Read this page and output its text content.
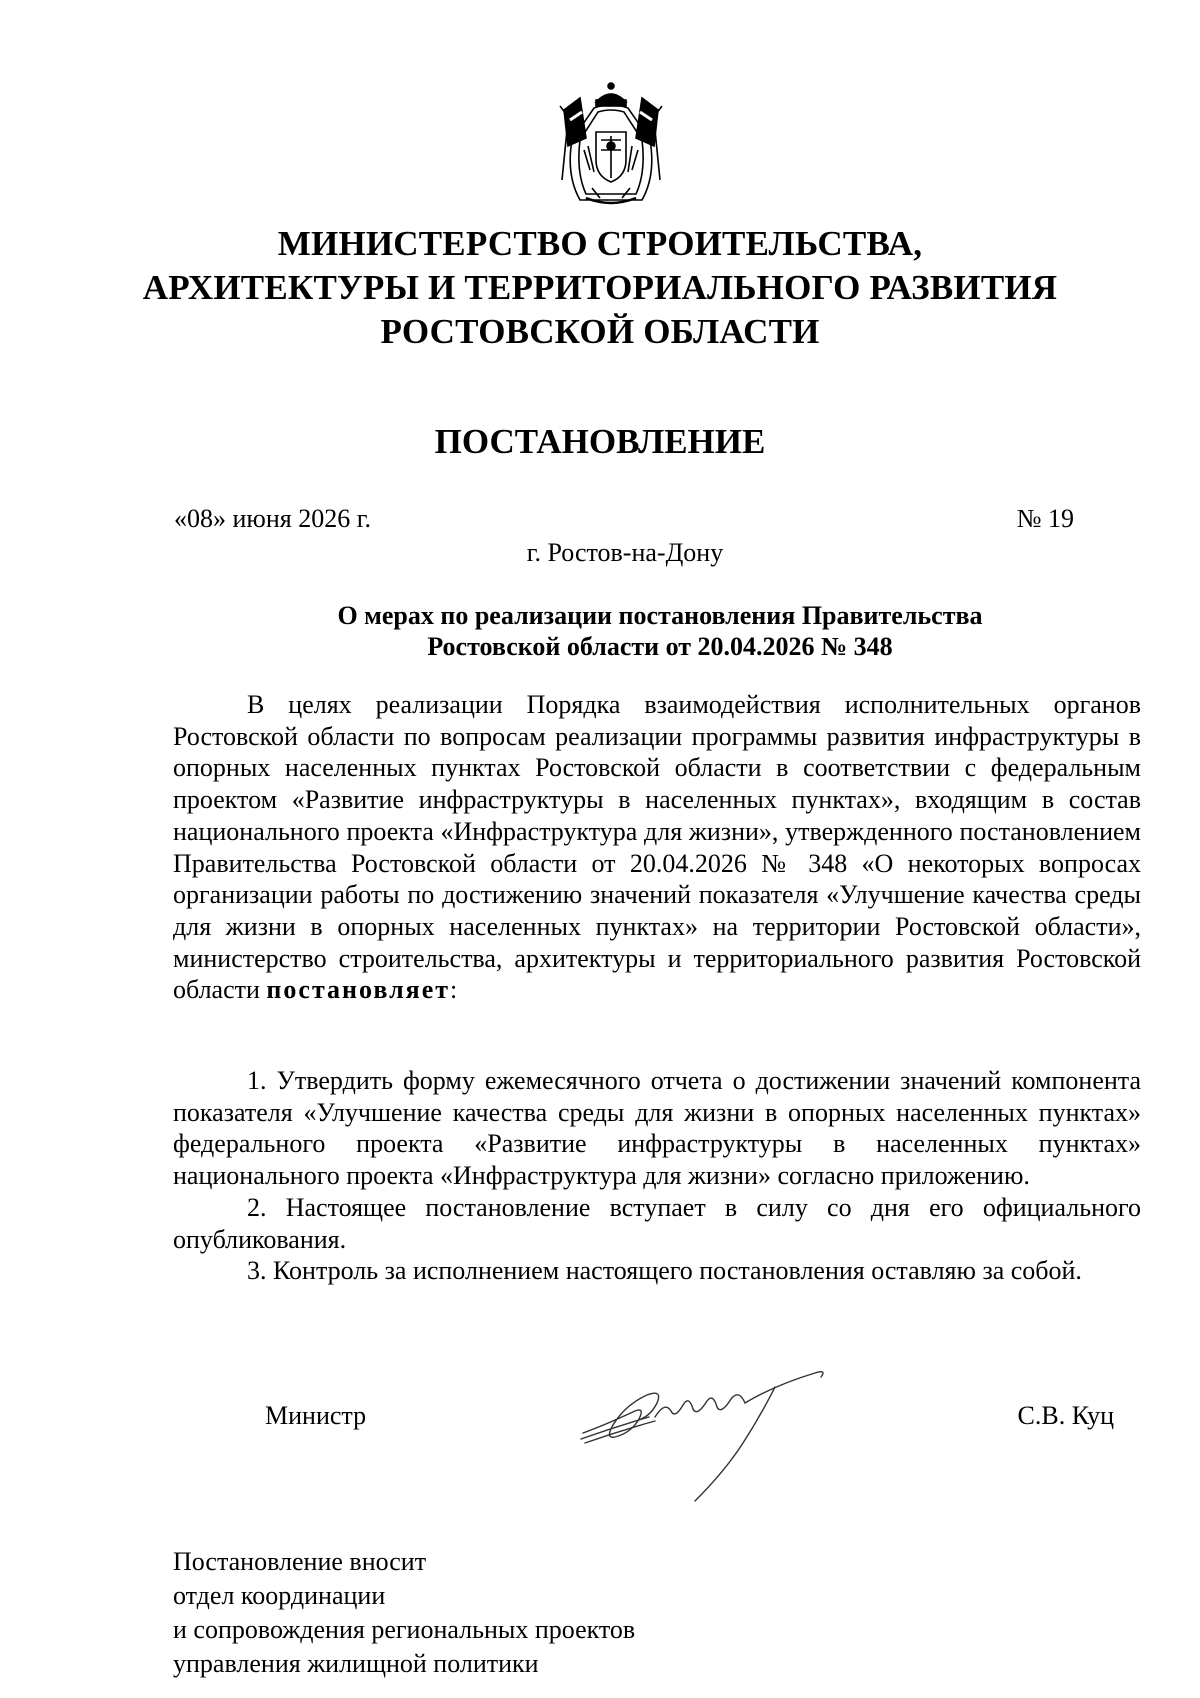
МИНИСТЕРСТВО СТРОИТЕЛЬСТВА,
АРХИТЕКТУРЫ И ТЕРРИТОРИАЛЬНОГО РАЗВИТИЯ
РОСТОВСКОЙ ОБЛАСТИ
ПОСТАНОВЛЕНИЕ
«08» июня 2026 г.	№ 19
г. Ростов-на-Дону
О мерах по реализации постановления Правительства
Ростовской области от 20.04.2026 № 348

В целях реализации Порядка взаимодействия исполнительных органов Ростовской области по вопросам реализации программы развития инфраструктуры в опорных населенных пунктах Ростовской области в соответствии с федеральным проектом «Развитие инфраструктуры в населенных пунктах», входящим в состав национального проекта «Инфраструктура для жизни», утвержденного постановлением Правительства Ростовской области от 20.04.2026 № 348 «О некоторых вопросах организации работы по достижению значений показателя «Улучшение качества среды для жизни в опорных населенных пунктах» на территории Ростовской области», министерство строительства, архитектуры и территориального развития Ростовской области постановляет:

1. Утвердить форму ежемесячного отчета о достижении значений компонента показателя «Улучшение качества среды для жизни в опорных населенных пунктах» федерального проекта «Развитие инфраструктуры в населенных пунктах» национального проекта «Инфраструктура для жизни» согласно приложению.

2. Настоящее постановление вступает в силу со дня его официального опубликования.

3. Контроль за исполнением настоящего постановления оставляю за собой.

Министр	С.В. Куц
Постановление вносит
отдел координации
и сопровождения региональных проектов
управления жилищной политики
